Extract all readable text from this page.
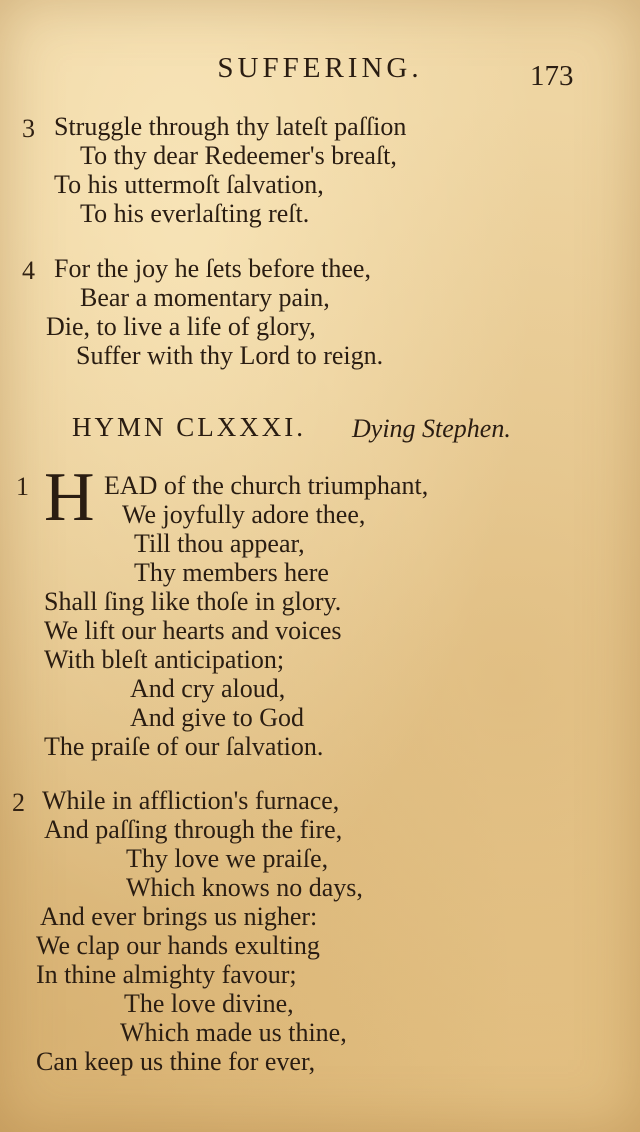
SUFFERING.	173
3 Struggle through thy lateſt paſſion
To thy dear Redeemer's breaſt,
To his uttermoſt ſalvation,
To his everlaſting reſt.
4 For the joy he ſets before thee,
Bear a momentary pain,
Die, to live a life of glory,
Suffer with thy Lord to reign.
HYMN CLXXXI. Dying Stephen.
1 H EAD of the church triumphant,
We joyfully adore thee,
Till thou appear,
Thy members here
Shall ſing like thoſe in glory.
We lift our hearts and voices
With bleſt anticipation;
And cry aloud,
And give to God
The praiſe of our ſalvation.
2 While in affliction's furnace,
And paſſing through the fire,
Thy love we praiſe,
Which knows no days,
And ever brings us nigher:
We clap our hands exulting
In thine almighty favour;
The love divine,
Which made us thine,
Can keep us thine for ever,
